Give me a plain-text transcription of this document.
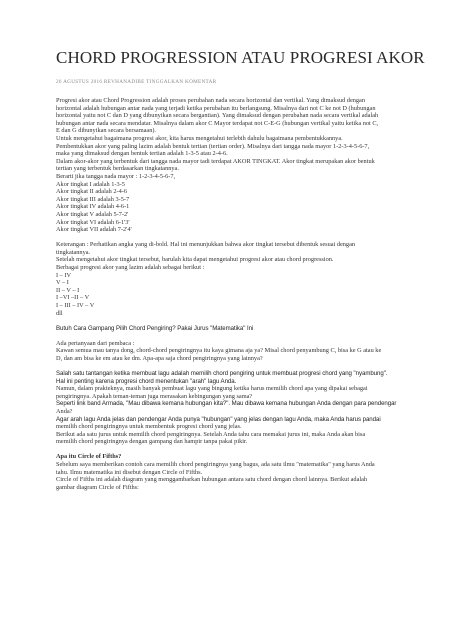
CHORD PROGRESSION ATAU PROGRESI AKOR
26 AGUSTUS 2016 REVHANADIBE TINGGALKAN KOMENTAR
Progresi akor atau Chord Progression adalah proses perubahan nada secara horizontal dan vertikal. Yang dimaksud dengan
horizontal adalah hubungan antar nada yang terjadi ketika perubahan itu berlangsung. Misalnya dari not C ke not D (hubungan
horizontal yaitu not C dan D yang dibunyikan secara bergantian). Yang dimaksud dengan perubahan nada secara vertikal adalah
hubungan antar nada secara mendatar. Misalnya dalam akor C Mayor terdapat not C-E-G (hubungan vertikal yaitu ketika not C,
E dan G dibunyikan secara bersamaan).
Untuk mengetahui bagaimana progresi akor, kita harus mengetahui terlebih dahulu bagaimana pembentukkannya.
Pembentukkan akor yang paling lazim adalah bentuk tertian (tertian order). Misalnya dari tangga nada mayor 1-2-3-4-5-6-7,
maka yang dimaksud dengan bentuk tertian adalah 1-3-5 atau 2-4-6.
Dalam akor-akor yang terbentuk dari tangga nada mayor tadi terdapat AKOR TINGKAT. Akor tingkat merupakan akor bentuk
tertian yang terbentuk berdasarkan tingkatannya.
Berarti jika tangga nada mayor : 1-2-3-4-5-6-7,
Akor tingkat I adalah 1-3-5
Akor tingkat II adalah 2-4-6
Akor tingkat III adalah 3-5-7
Akor tingkat IV adalah 4-6-1
Akor tingkat V adalah 5-7-2'
Akor tingkat VI adalah 6-1'3'
Akor tingkat VII adalah 7-2'4'
Keterangan : Perhatikan angka yang di-bold. Hal ini menunjukkan bahwa akor tingkat tersebut dibentuk sesuai dengan
tingkatannya.
Setelah mengetahui akor tingkat tersebut, barulah kita dapat mengetahui progresi akor atau chord progression.
Berbagai progresi akor yang lazim adalah sebagai berikut :
I – IV
V – I
II – V – I
I –VI –II – V
I – III – IV – V
dll
Butuh Cara Gampang Pilih Chord Pengiring? Pakai Jurus "Matematika" Ini
Ada pertanyaan dari pembaca :
Kawan semua mau tanya dong, chord-chord pengiringnya itu kaya gimana aja ya? Misal chord penyambung C, bisa ke G atau ke
D, dan am bisa ke em atau ke dm. Apa-apa saja chord pengiringnya yang lainnya?
Salah satu tantangan ketika membuat lagu adalah memilih chord pengiring untuk membuat progresi chord yang "nyambung".
Hal ini penting karena progresi chord menentukan "arah" lagu Anda.
Namun, dalam prakteknya, masih banyak pembuat lagu yang bingung ketika harus memilih chord apa yang dipakai sebagai
pengiringnya. Apakah teman-teman juga merasakan kebingungan yang sama?
Seperti link band Armada, "Mau dibawa kemana hubungan kita?". Mau dibawa kemana hubungan Anda dengan para pendengar
Anda?
Agar arah lagu Anda jelas dan pendengar Anda punya "hubungan" yang jelas dengan lagu Anda, maka Anda harus pandai
memilih chord pengiringnya untuk membentuk progresi chord yang jelas.
Berikut ada satu jurus untuk memilih chord pengiringnya. Setelah Anda tahu cara memakai jurus ini, maka Anda akan bisa
memilih chord pengiringnya dengan gampang dan hampir tanpa pakai pikir.
Apa itu Circle of Fifths?
Sebelum saya memberikan contoh cara memilih chord pengiringnya yang bagus, ada satu ilmu "matematika" yang harus Anda
tahu. Ilmu matematika ini disebut dengan Circle of Fifths.
Circle of Fifths ini adalah diagram yang menggambarkan hubungan antara satu chord dengan chord lainnya. Berikut adalah
gambar diagram Circle of Fifths:
